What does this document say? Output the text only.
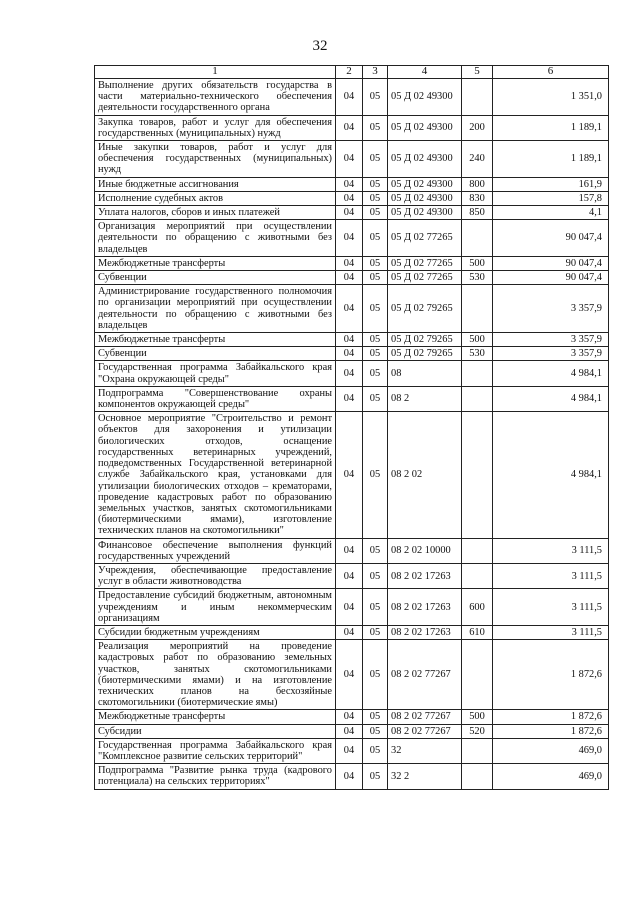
32
1	2	3	4	5	6
Выполнение других обязательств государства в части материально-технического обеспечения деятельности государственного органа	04	05	05 Д 02 49300		1 351,0
Закупка товаров, работ и услуг для обеспечения государственных (муниципальных) нужд	04	05	05 Д 02 49300	200	1 189,1
Иные закупки товаров, работ и услуг для обеспечения государственных (муниципальных) нужд	04	05	05 Д 02 49300	240	1 189,1
Иные бюджетные ассигнования	04	05	05 Д 02 49300	800	161,9
Исполнение судебных актов	04	05	05 Д 02 49300	830	157,8
Уплата налогов, сборов и иных платежей	04	05	05 Д 02 49300	850	4,1
Организация мероприятий при осуществлении деятельности по обращению с животными без владельцев	04	05	05 Д 02 77265		90 047,4
Межбюджетные трансферты	04	05	05 Д 02 77265	500	90 047,4
Субвенции	04	05	05 Д 02 77265	530	90 047,4
Администрирование государственного полномочия по организации мероприятий при осуществлении деятельности по обращению с животными без владельцев	04	05	05 Д 02 79265		3 357,9
Межбюджетные трансферты	04	05	05 Д 02 79265	500	3 357,9
Субвенции	04	05	05 Д 02 79265	530	3 357,9
Государственная программа Забайкальского края "Охрана окружающей среды"	04	05	08		4 984,1
Подпрограмма "Совершенствование охраны компонентов окружающей среды"	04	05	08 2		4 984,1
Основное мероприятие "Строительство и ремонт объектов для захоронения и утилизации биологических отходов, оснащение государственных ветеринарных учреждений, подведомственных Государственной ветеринарной службе Забайкальского края, установками для утилизации биологических отходов – крематорами, проведение кадастровых работ по образованию земельных участков, занятых скотомогильниками (биотермическими ямами), изготовление технических планов на скотомогильники"	04	05	08 2 02		4 984,1
Финансовое обеспечение выполнения функций государственных учреждений	04	05	08 2 02 10000		3 111,5
Учреждения, обеспечивающие предоставление услуг в области животноводства	04	05	08 2 02 17263		3 111,5
Предоставление субсидий бюджетным, автономным учреждениям и иным некоммерческим организациям	04	05	08 2 02 17263	600	3 111,5
Субсидии бюджетным учреждениям	04	05	08 2 02 17263	610	3 111,5
Реализация мероприятий на проведение кадастровых работ по образованию земельных участков, занятых скотомогильниками (биотермическими ямами) и на изготовление технических планов на бесхозяйные скотомогильники (биотермические ямы)	04	05	08 2 02 77267		1 872,6
Межбюджетные трансферты	04	05	08 2 02 77267	500	1 872,6
Субсидии	04	05	08 2 02 77267	520	1 872,6
Государственная программа Забайкальского края "Комплексное развитие сельских территорий"	04	05	32		469,0
Подпрограмма "Развитие рынка труда (кадрового потенциала) на сельских территориях"	04	05	32 2		469,0
